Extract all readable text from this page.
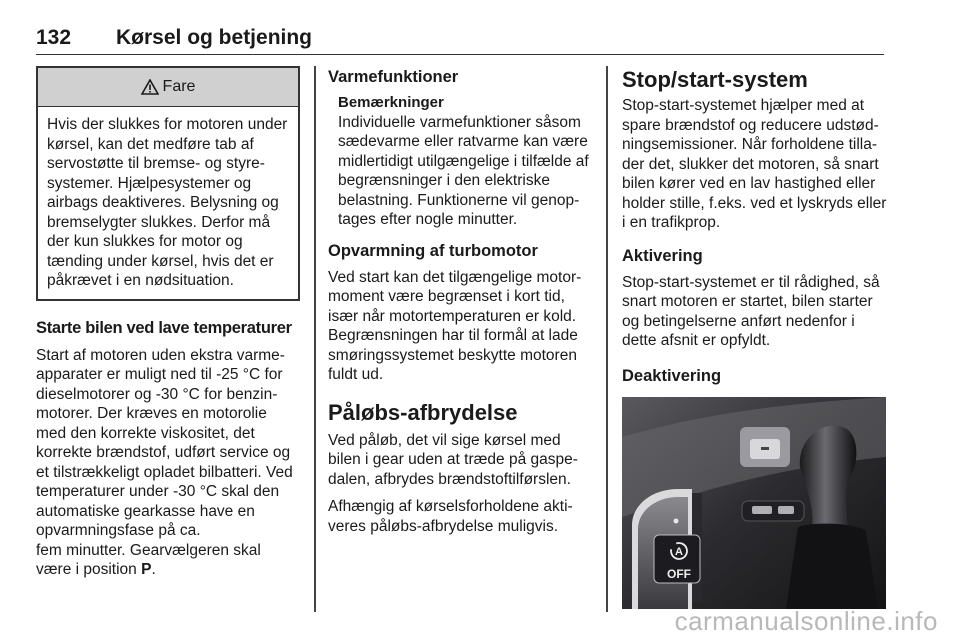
132 Kørsel og betjening
Fare

Hvis der slukkes for motoren under kørsel, kan det medføre tab af servostøtte til bremse- og styre-systemer. Hjælpesystemer og airbags deaktiveres. Belysning og bremselygter slukkes. Derfor må der kun slukkes for motor og tænding under kørsel, hvis det er påkrævet i en nødsituation.

Starte bilen ved lave temperaturer

Start af motoren uden ekstra varme-apparater er muligt ned til -25 °C for dieselmotorer og -30 °C for benzin-motorer. Der kræves en motorolie med den korrekte viskositet, det korrekte brændstof, udført service og et tilstrækkeligt opladet bilbatteri. Ved temperaturer under -30 °C skal den automatiske gearkasse have en opvarmningsfase på ca.

fem minutter. Gearvælgeren skal være i position P.

Varmefunktioner

Bemærkninger

Individuelle varmefunktioner såsom sædevarme eller ratvarme kan være midlertidigt utilgængelige i tilfælde af begrænsninger i den elektriske belastning. Funktionerne vil genop-tages efter nogle minutter.

Opvarmning af turbomotor

Ved start kan det tilgængelige motor-moment være begrænset i kort tid, især når motortemperaturen er kold. Begrænsningen har til formål at lade smøringssystemet beskytte motoren fuldt ud.

Påløbs-afbrydelse

Ved påløb, det vil sige kørsel med bilen i gear uden at træde på gaspe-dalen, afbrydes brændstoftilførslen.

Afhængig af kørselsforholdene akti-veres påløbs-afbrydelse muligvis.

Stop/start-system

Stop-start-systemet hjælper med at spare brændstof og reducere udstød-ningsemissioner. Når forholdene tilla-der det, slukker det motoren, så snart bilen kører ved en lav hastighed eller holder stille, f.eks. ved et lyskryds eller i en trafikprop.

Aktivering

Stop-start-systemet er til rådighed, så snart motoren er startet, bilen starter og betingelserne anført nedenfor i dette afsnit er opfyldt.

Deaktivering
A
OFF
carmanualsonline.info
